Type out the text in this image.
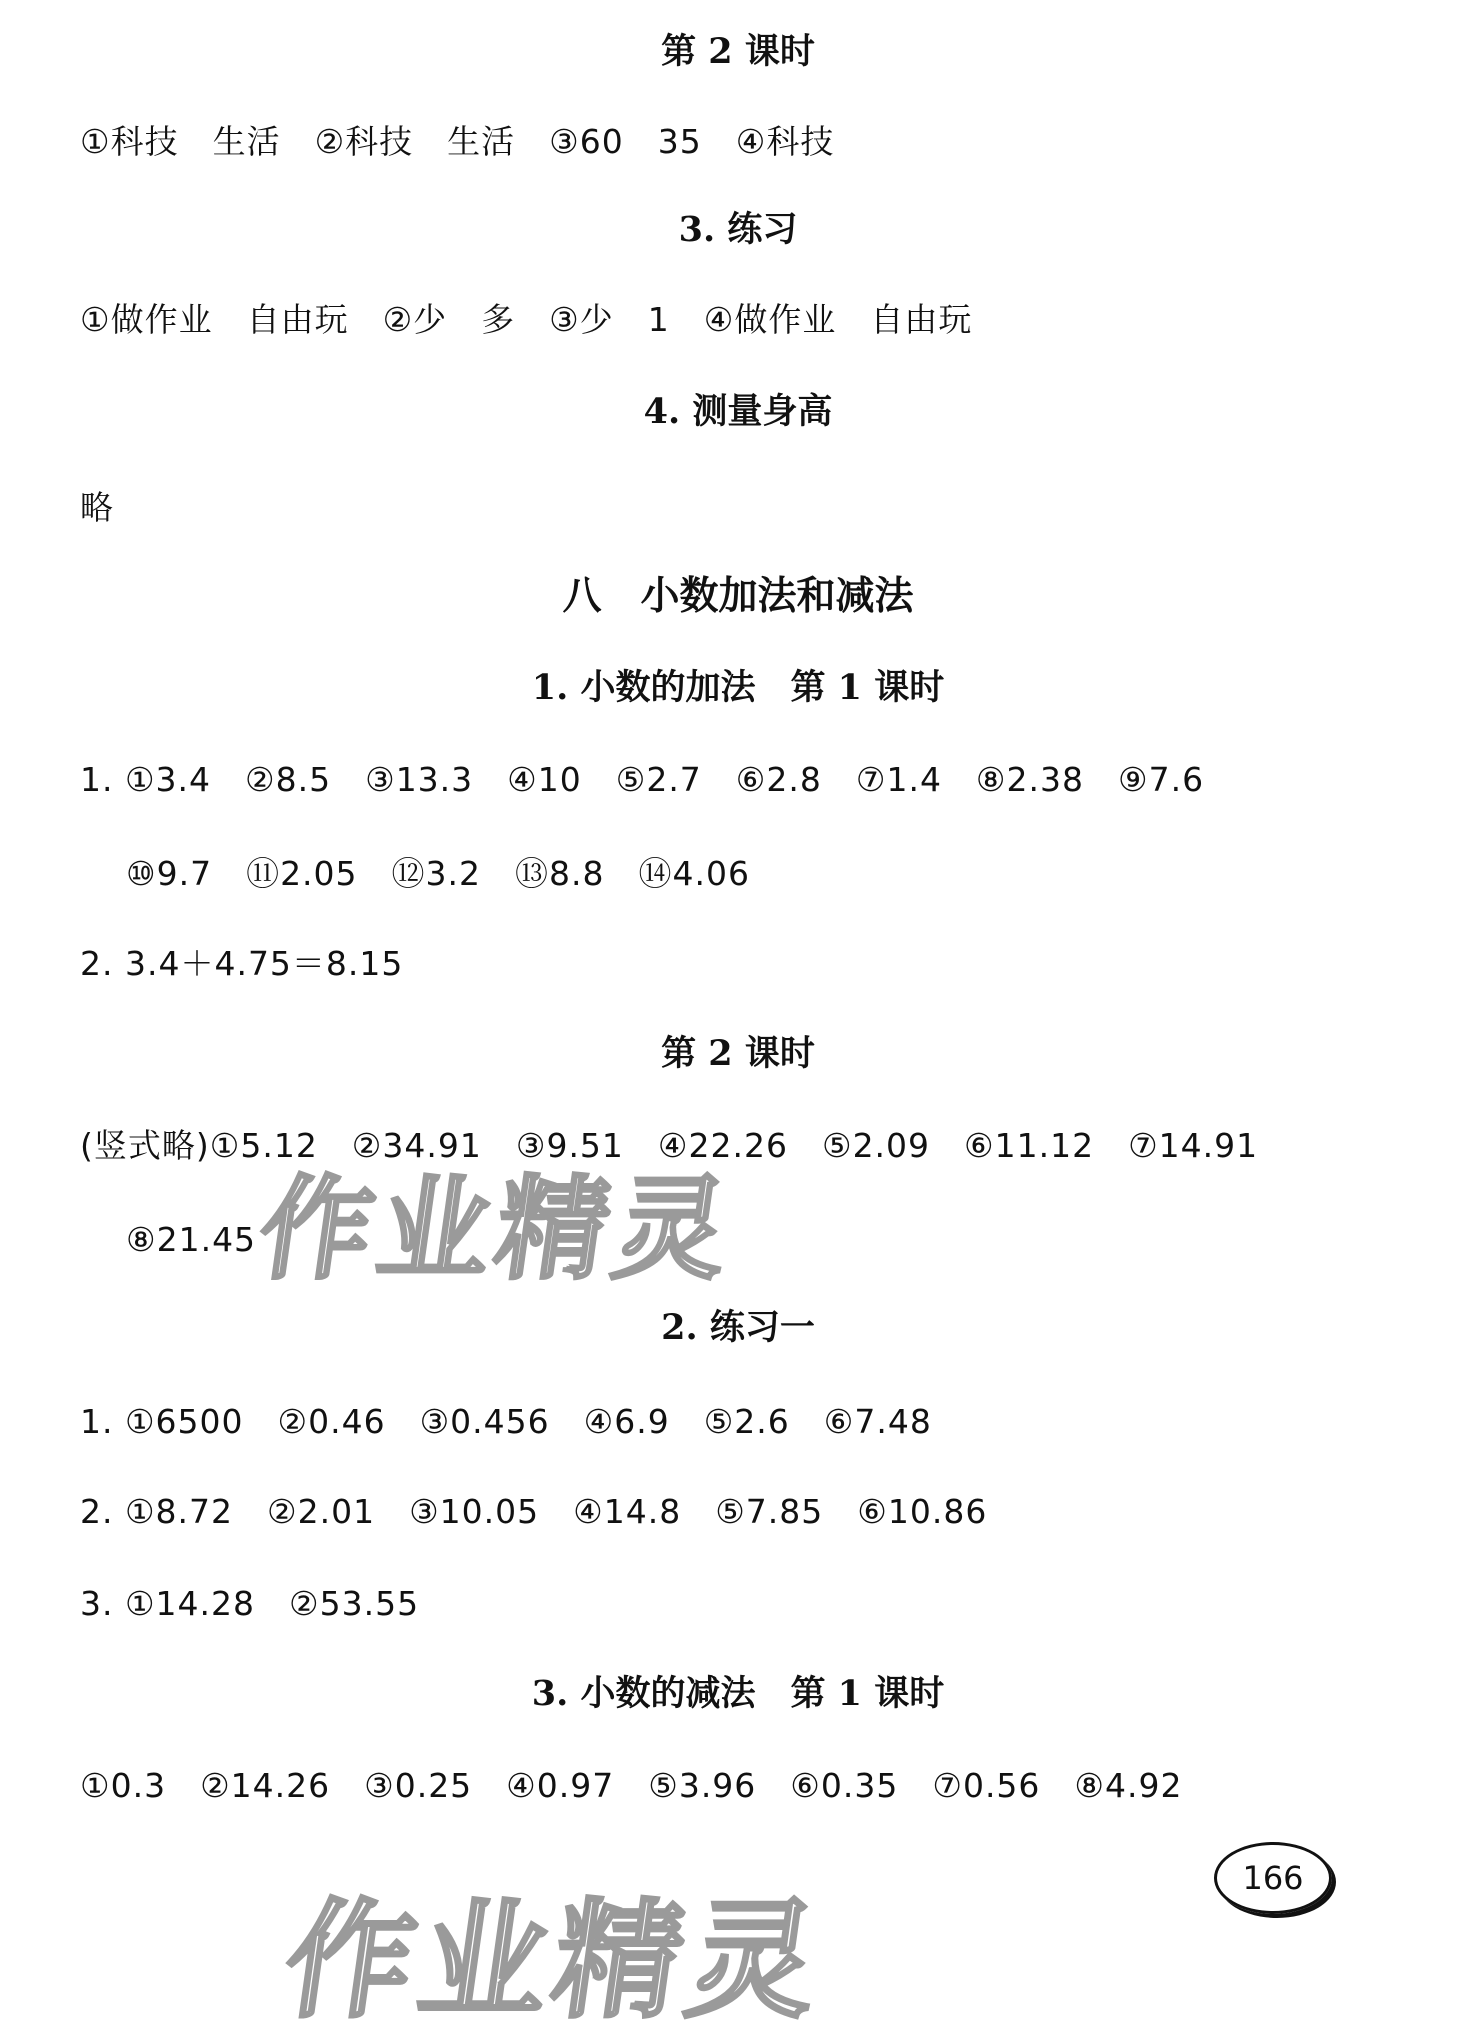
第 2 课时
①科技　生活　②科技　生活　③60　35　④科技
3. 练习
①做作业　自由玩　②少　多　③少　1　④做作业　自由玩
4. 测量身高
略
八　小数加法和减法
1. 小数的加法　第 1 课时
1. ①3.4　②8.5　③13.3　④10　⑤2.7　⑥2.8　⑦1.4　⑧2.38　⑨7.6
⑩9.7　⑪2.05　⑫3.2　⑬8.8　⑭4.06
2. 3.4＋4.75＝8.15
第 2 课时
(竖式略)①5.12　②34.91　③9.51　④22.26　⑤2.09　⑥11.12　⑦14.91
⑧21.45
2. 练习一
1. ①6500　②0.46　③0.456　④6.9　⑤2.6　⑥7.48
2. ①8.72　②2.01　③10.05　④14.8　⑤7.85　⑥10.86
3. ①14.28　②53.55
3. 小数的减法　第 1 课时
①0.3　②14.26　③0.25　④0.97　⑤3.96　⑥0.35　⑦0.56　⑧4.92
作业精灵
作业精灵
166
